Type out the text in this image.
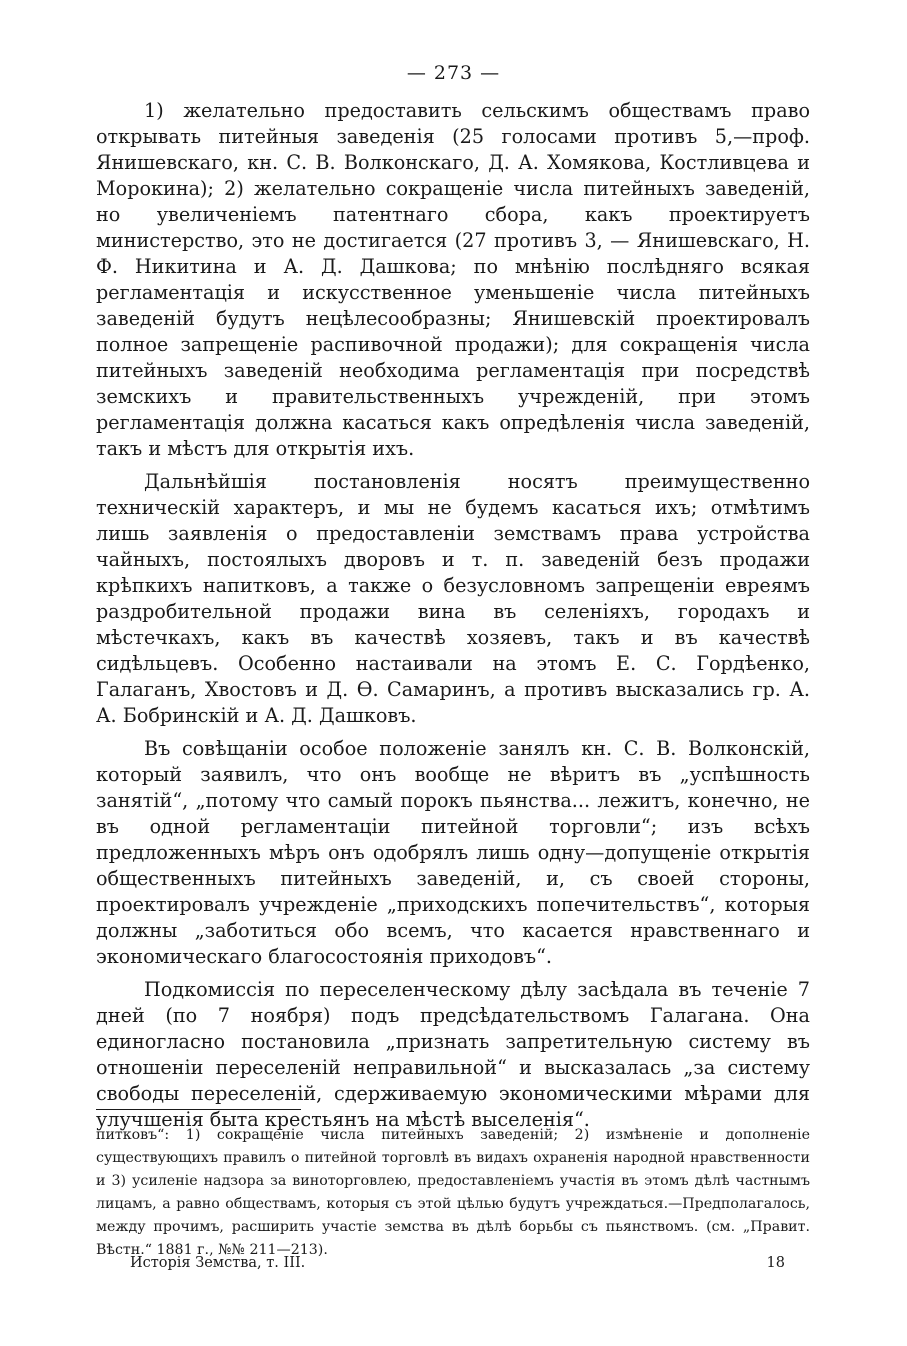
— 273 —

1) желательно предоставить сельскимъ обществамъ право открывать питейныя заведенія (25 голосами противъ 5,—проф. Янишевскаго, кн. С. В. Волконскаго, Д. А. Хомякова, Костливцева и Морокина); 2) желательно сокращеніе числа питейныхъ заведеній, но увеличеніемъ патентнаго сбора, какъ проектируетъ министерство, это не достигается (27 противъ 3, — Янишевскаго, Н. Ф. Никитина и А. Д. Дашкова; по мнѣнію послѣдняго всякая регламентація и искусственное уменьшеніе числа питейныхъ заведеній будутъ нецѣлесообразны; Янишевскій проектировалъ полное запрещеніе распивочной продажи); для сокращенія числа питейныхъ заведеній необходима регламентація при посредствѣ земскихъ и правительственныхъ учрежденій, при этомъ регламентація должна касаться какъ опредѣленія числа заведеній, такъ и мѣстъ для открытія ихъ.

Дальнѣйшія постановленія носятъ преимущественно техническій характеръ, и мы не будемъ касаться ихъ; отмѣтимъ лишь заявленія о предоставленіи земствамъ права устройства чайныхъ, постоялыхъ дворовъ и т. п. заведеній безъ продажи крѣпкихъ напитковъ, а также о безусловномъ запрещеніи евреямъ раздробительной продажи вина въ селеніяхъ, городахъ и мѣстечкахъ, какъ въ качествѣ хозяевъ, такъ и въ качествѣ сидѣльцевъ. Особенно настаивали на этомъ Е. С. Гордѣенко, Галаганъ, Хвостовъ и Д. Ѳ. Самаринъ, а противъ высказались гр. А. А. Бобринскій и А. Д. Дашковъ.

Въ совѣщаніи особое положеніе занялъ кн. С. В. Волконскій, который заявилъ, что онъ вообще не вѣритъ въ „успѣшность занятій“, „потому что самый порокъ пьянства... лежитъ, конечно, не въ одной регламентаціи питейной торговли“; изъ всѣхъ предложенныхъ мѣръ онъ одобрялъ лишь одну—допущеніе открытія общественныхъ питейныхъ заведеній, и, съ своей стороны, проектировалъ учрежденіе „приходскихъ попечительствъ“, которыя должны „заботиться обо всемъ, что касается нравственнаго и экономическаго благосостоянія приходовъ“.

Подкомиссія по переселенческому дѣлу засѣдала въ теченіе 7 дней (по 7 ноября) подъ предсѣдательствомъ Галагана. Она единогласно постановила „признать запретительную систему въ отношеніи переселеній неправильной“ и высказалась „за систему свободы переселеній, сдерживаемую экономическими мѣрами для улучшенія быта крестьянъ на мѣстѣ выселенія“.

питковъ“: 1) сокращеніе числа питейныхъ заведеній; 2) измѣненіе и дополненіе существующихъ правилъ о питейной торговлѣ въ видахъ охраненія народной нравственности и 3) усиленіе надзора за виноторговлею, предоставленіемъ участія въ этомъ дѣлѣ частнымъ лицамъ, а равно обществамъ, которыя съ этой цѣлью будутъ учреждаться.—Предполагалось, между прочимъ, расширить участіе земства въ дѣлѣ борьбы съ пьянствомъ. (см. „Правит. Вѣстн.“ 1881 г., №№ 211—213).

Исторія Земства, т. III.	18
